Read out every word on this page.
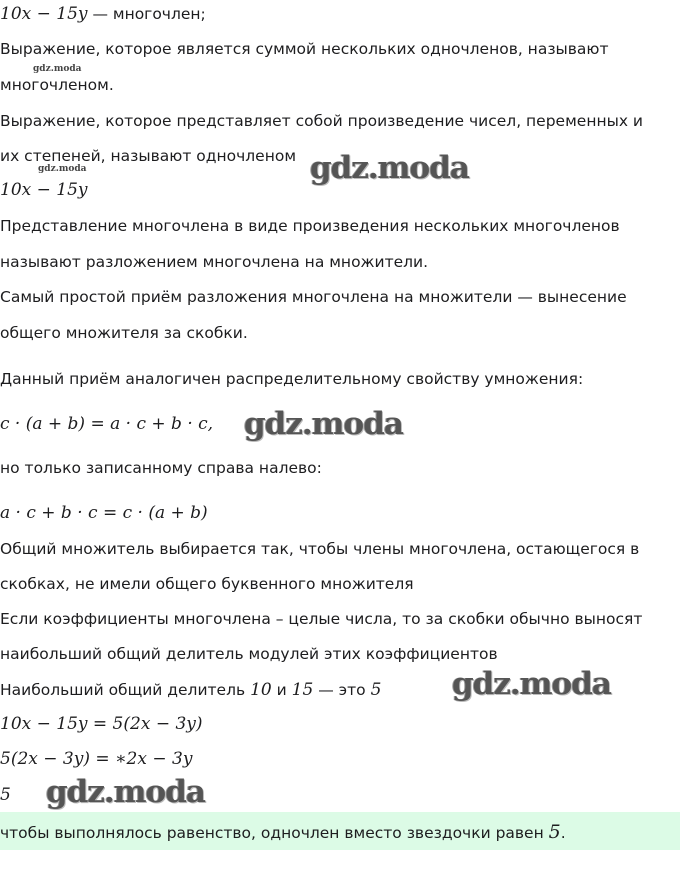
10x − 15y — многочлен;
Выражение, которое является суммой нескольких одночленов, называют
gdz.moda
многочленом.
Выражение, которое представляет собой произведение чисел, переменных и
их степеней, называют одночленом
gdz.moda	gdz.moda
10x − 15y
Представление многочлена в виде произведения нескольких многочленов
называют разложением многочлена на множители.
Самый простой приём разложения многочлена на множители — вынесение
общего множителя за скобки.
Данный приём аналогичен распределительному свойству умножения:
c · (a + b) = a · c + b · c, gdz.moda
но только записанному справа налево:
a · c + b · c = c · (a + b)
Общий множитель выбирается так, чтобы члены многочлена, остающегося в
скобках, не имели общего буквенного множителя
Если коэффициенты многочлена – целые числа, то за скобки обычно выносят
наибольший общий делитель модулей этих коэффициентов
Наибольший общий делитель 10 и 15 — это 5 gdz.moda
10x − 15y = 5(2x − 3y)
5(2x − 3y) = ∗2x − 3y
5 gdz.moda
чтобы выполнялось равенство, одночлен вместо звездочки равен 5.
